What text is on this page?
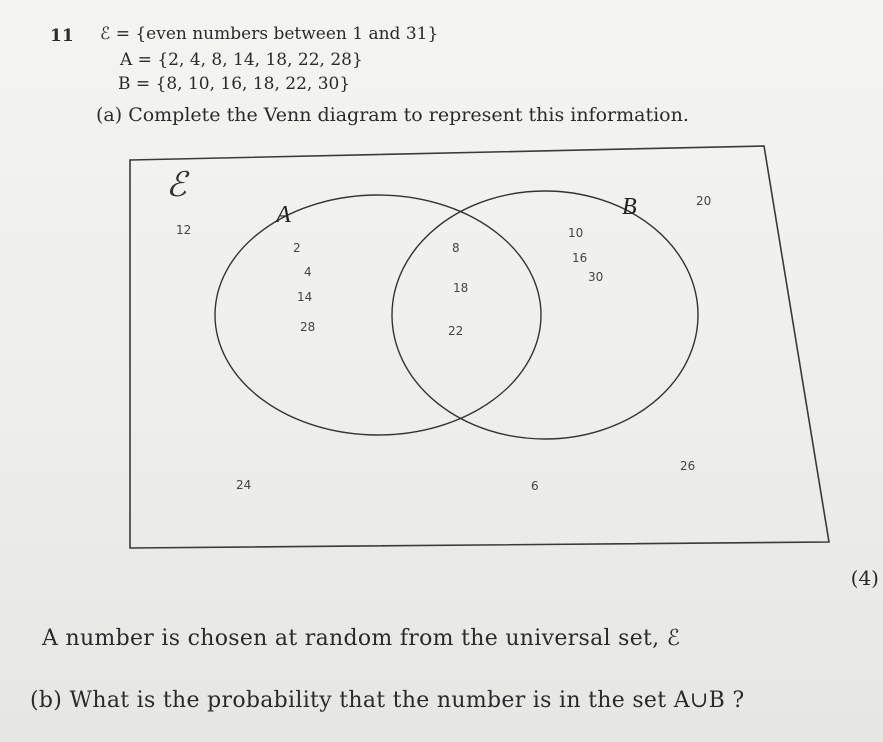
11 ℰ = {even numbers between 1 and 31}
A = {2, 4, 8, 14, 18, 22, 28}
B = {8, 10, 16, 18, 22, 30}
(a) Complete the Venn diagram to represent this information.
ℰ
A	B
2
4
14
28
8
18
22
10
16
30
12
20
26
24	6
(4)
A number is chosen at random from the universal set, ℰ
(b) What is the probability that the number is in the set A∪B ?
